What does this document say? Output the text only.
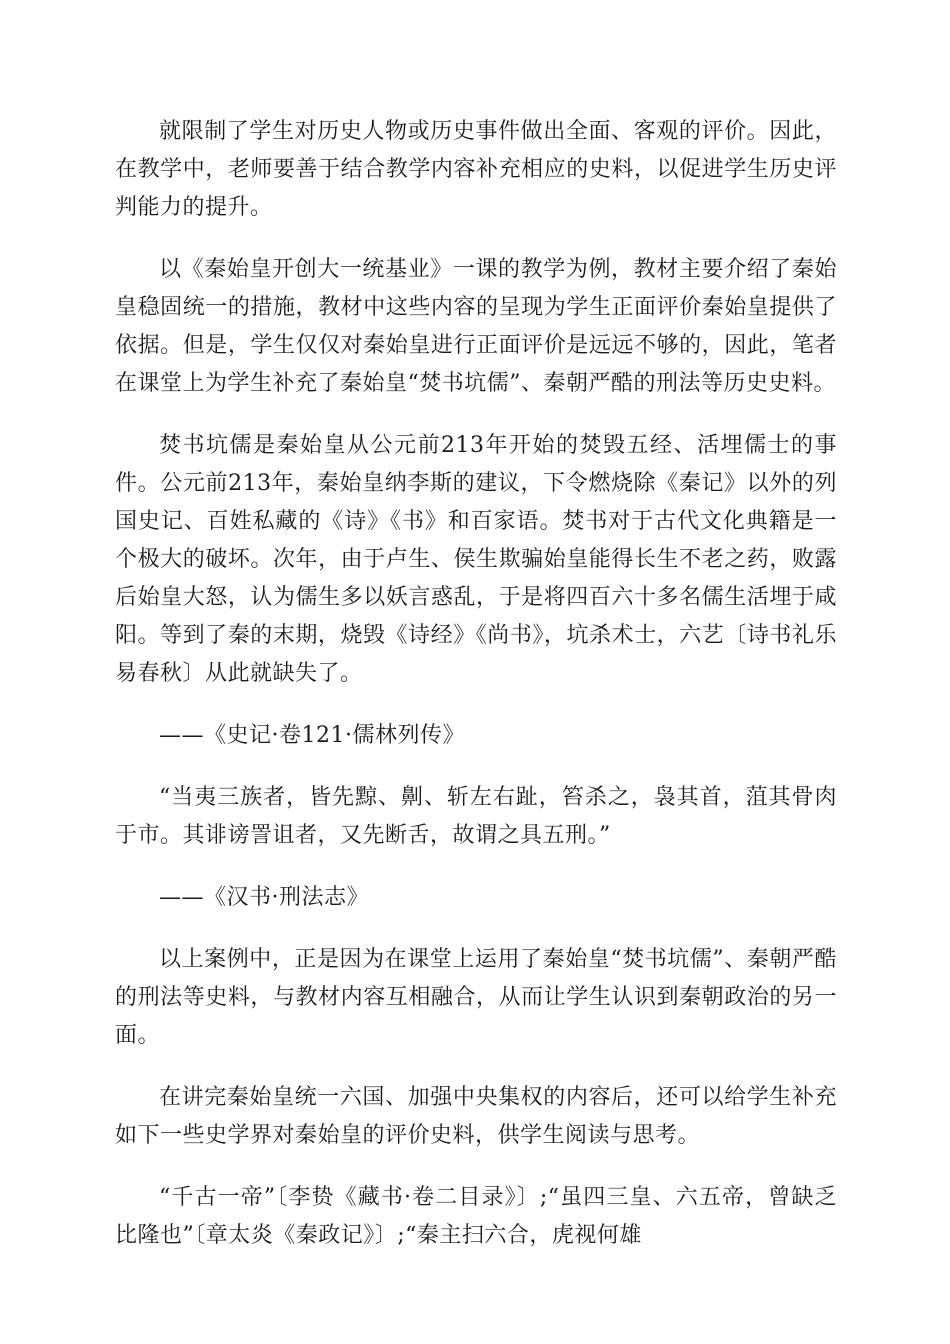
就限制了学生对历史人物或历史事件做出全面、客观的评价。因此，在教学中，老师要善于结合教学内容补充相应的史料，以促进学生历史评判能力的提升。

以《秦始皇开创大一统基业》一课的教学为例，教材主要介绍了秦始皇稳固统一的措施，教材中这些内容的呈现为学生正面评价秦始皇提供了依据。但是，学生仅仅对秦始皇进行正面评价是远远不够的，因此，笔者在课堂上为学生补充了秦始皇“焚书坑儒”、秦朝严酷的刑法等历史史料。

焚书坑儒是秦始皇从公元前213年开始的焚毁五经、活埋儒士的事件。公元前213年，秦始皇纳李斯的建议，下令燃烧除《秦记》以外的列国史记、百姓私藏的《诗》《书》和百家语。焚书对于古代文化典籍是一个极大的破坏。次年，由于卢生、侯生欺骗始皇能得长生不老之药，败露后始皇大怒，认为儒生多以妖言惑乱，于是将四百六十多名儒生活埋于咸阳。等到了秦的末期，烧毁《诗经》《尚书》，坑杀术士，六艺〔诗书礼乐易春秋〕从此就缺失了。

——《史记·卷121·儒林列传》

“当夷三族者，皆先黥、劓、斩左右趾，笞杀之，袅其首，菹其骨肉于市。其诽谤詈诅者，又先断舌，故谓之具五刑。”

——《汉书·刑法志》

以上案例中，正是因为在课堂上运用了秦始皇“焚书坑儒”、秦朝严酷的刑法等史料，与教材内容互相融合，从而让学生认识到秦朝政治的另一面。

在讲完秦始皇统一六国、加强中央集权的内容后，还可以给学生补充如下一些史学界对秦始皇的评价史料，供学生阅读与思考。

“千古一帝”〔李贽《藏书·卷二目录》〕;“虽四三皇、六五帝，曾缺乏比隆也”〔章太炎《秦政记》〕;“秦主扫六合，虎视何雄
